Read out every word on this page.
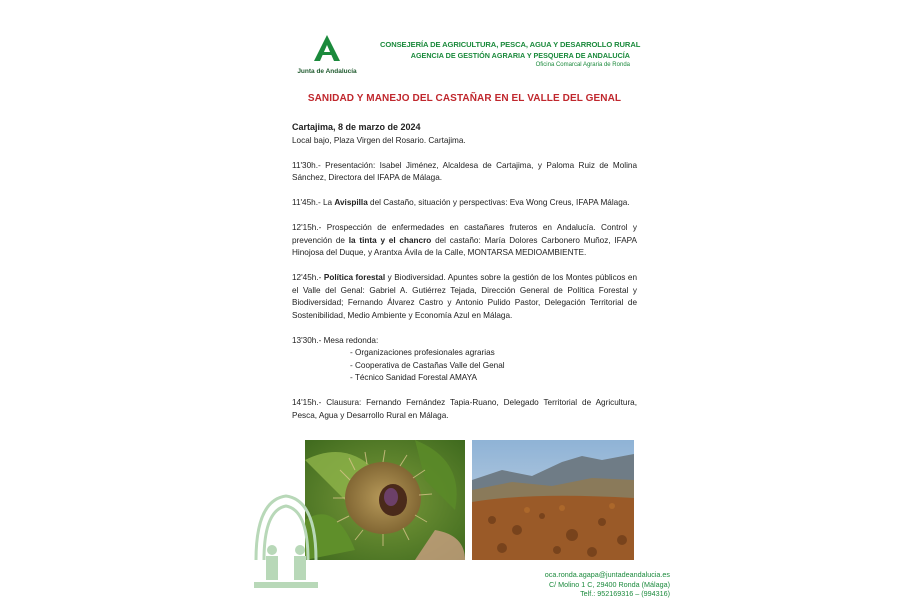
Junta de Andalucía
CONSEJERÍA DE AGRICULTURA, PESCA, AGUA Y DESARROLLO RURAL
AGENCIA DE GESTIÓN AGRARIA Y PESQUERA DE ANDALUCÍA
Oficina Comarcal Agraria de Ronda
SANIDAD Y MANEJO DEL CASTAÑAR EN EL VALLE DEL GENAL

Cartajima, 8 de marzo de 2024

Local bajo, Plaza Virgen del Rosario. Cartajima.

11'30h.- Presentación: Isabel Jiménez, Alcaldesa de Cartajima, y Paloma Ruiz de Molina Sánchez, Directora del IFAPA de Málaga.

11'45h.- La Avispilla del Castaño, situación y perspectivas: Eva Wong Creus, IFAPA Málaga.

12'15h.- Prospección de enfermedades en castañares fruteros en Andalucía. Control y prevención de la tinta y el chancro del castaño: María Dolores Carbonero Muñoz, IFAPA Hinojosa del Duque, y Arantxa Ávila de la Calle, MONTARSA MEDIOAMBIENTE.

12'45h.- Política forestal y Biodiversidad. Apuntes sobre la gestión de los Montes públicos en el Valle del Genal: Gabriel A. Gutiérrez Tejada, Dirección General de Política Forestal y Biodiversidad; Fernando Álvarez Castro y Antonio Pulido Pastor, Delegación Territorial de Sostenibilidad, Medio Ambiente y Economía Azul en Málaga.

13'30h.- Mesa redonda:

- Organizaciones profesionales agrarias
- Cooperativa de Castañas Valle del Genal
- Técnico Sanidad Forestal AMAYA

14'15h.- Clausura: Fernando Fernández Tapia-Ruano, Delegado Territorial de Agricultura, Pesca, Agua y Desarrollo Rural en Málaga.

oca.ronda.agapa@juntadeandalucia.es
C/ Molino 1 C, 29400 Ronda (Málaga)
Telf.: 952169316 – (994316)
